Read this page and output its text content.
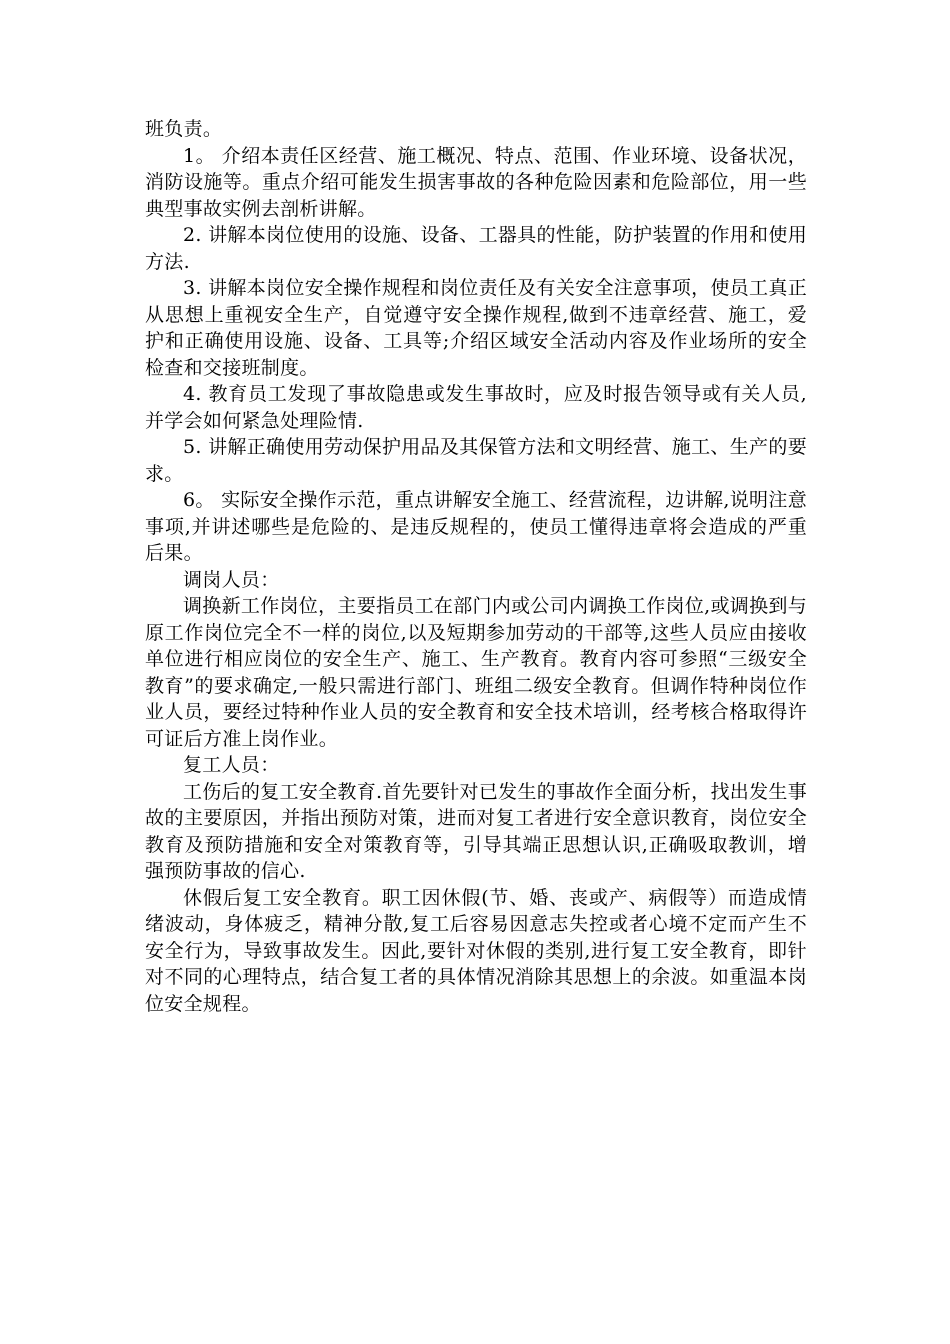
班负责。

1。 介绍本责任区经营、施工概况、特点、范围、作业环境、设备状况，消防设施等。重点介绍可能发生损害事故的各种危险因素和危险部位，用一些典型事故实例去剖析讲解。

2. 讲解本岗位使用的设施、设备、工器具的性能，防护装置的作用和使用方法.

3. 讲解本岗位安全操作规程和岗位责任及有关安全注意事项，使员工真正从思想上重视安全生产，自觉遵守安全操作规程,做到不违章经营、施工，爱护和正确使用设施、设备、工具等;介绍区域安全活动内容及作业场所的安全检查和交接班制度。

4. 教育员工发现了事故隐患或发生事故时，应及时报告领导或有关人员,并学会如何紧急处理险情.

5. 讲解正确使用劳动保护用品及其保管方法和文明经营、施工、生产的要求。

6。 实际安全操作示范，重点讲解安全施工、经营流程，边讲解,说明注意事项,并讲述哪些是危险的、是违反规程的，使员工懂得违章将会造成的严重后果。

调岗人员：

调换新工作岗位，主要指员工在部门内或公司内调换工作岗位,或调换到与原工作岗位完全不一样的岗位,以及短期参加劳动的干部等,这些人员应由接收单位进行相应岗位的安全生产、施工、生产教育。教育内容可参照“三级安全教育”的要求确定,一般只需进行部门、班组二级安全教育。但调作特种岗位作业人员，要经过特种作业人员的安全教育和安全技术培训，经考核合格取得许可证后方准上岗作业。

复工人员：

工伤后的复工安全教育.首先要针对已发生的事故作全面分析，找出发生事故的主要原因，并指出预防对策，进而对复工者进行安全意识教育，岗位安全教育及预防措施和安全对策教育等，引导其端正思想认识,正确吸取教训，增强预防事故的信心.

休假后复工安全教育。职工因休假(节、婚、丧或产、病假等）而造成情绪波动，身体疲乏，精神分散,复工后容易因意志失控或者心境不定而产生不安全行为，导致事故发生。因此,要针对休假的类别,进行复工安全教育，即针对不同的心理特点，结合复工者的具体情况消除其思想上的余波。如重温本岗位安全规程。
